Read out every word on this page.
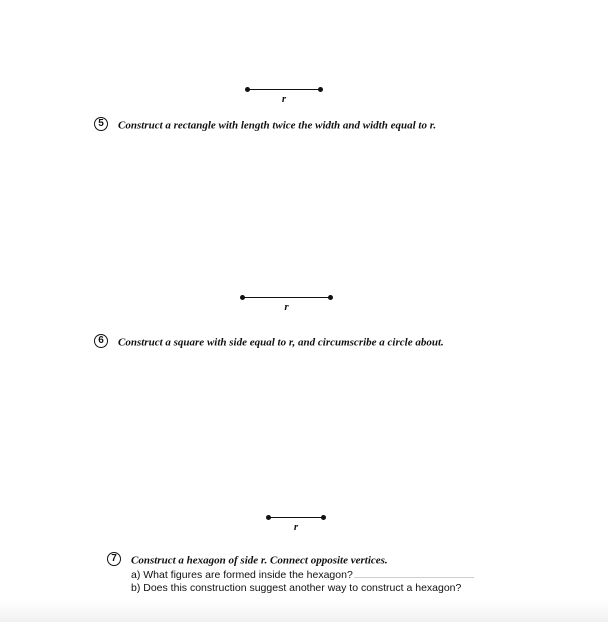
r
5 Construct a rectangle with length twice the width and width equal to r.
r
6 Construct a square with side equal to r, and circumscribe a circle about.
r
7 Construct a hexagon of side r. Connect opposite vertices.
a) What figures are formed inside the hexagon?
b) Does this construction suggest another way to construct a hexagon?
